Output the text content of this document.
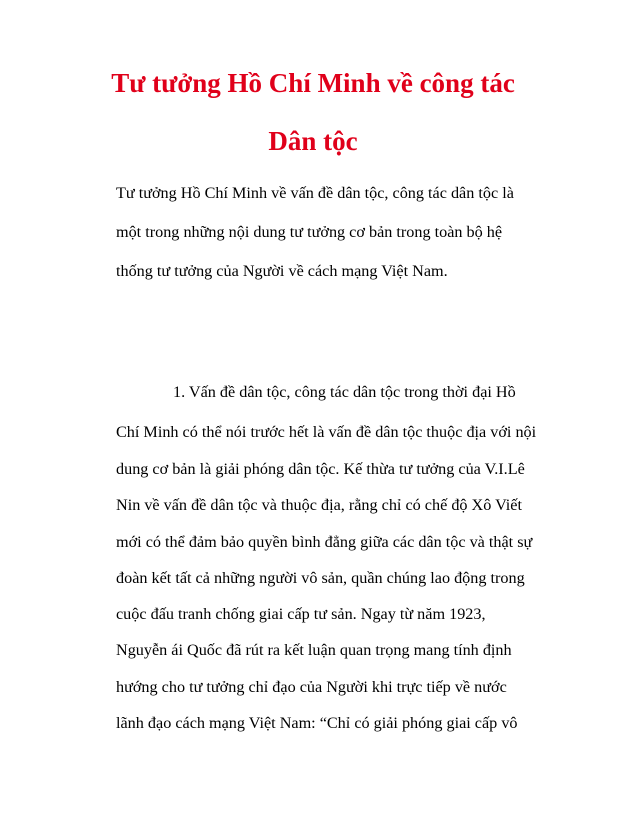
Tư tưởng Hồ Chí Minh về công tác
Dân tộc
Tư tưởng Hồ Chí Minh về vấn đề dân tộc, công tác dân tộc là
một trong những nội dung tư tưởng cơ bản trong toàn bộ hệ
thống tư tưởng của Người về cách mạng Việt Nam.
1. Vấn đề dân tộc, công tác dân tộc trong thời đại Hồ
Chí Minh có thể nói trước hết là vấn đề dân tộc thuộc địa với nội
dung cơ bản là giải phóng dân tộc. Kế thừa tư tưởng của V.I.Lê
Nin về vấn đề dân tộc và thuộc địa, rằng chỉ có chế độ Xô Viết
mới có thể đảm bảo quyền bình đẳng giữa các dân tộc và thật sự
đoàn kết tất cả những người vô sản, quần chúng lao động trong
cuộc đấu tranh chống giai cấp tư sản. Ngay từ năm 1923,
Nguyễn ái Quốc đã rút ra kết luận quan trọng mang tính định
hướng cho tư tưởng chỉ đạo của Người khi trực tiếp về nước
lãnh đạo cách mạng Việt Nam: “Chỉ có giải phóng giai cấp vô
